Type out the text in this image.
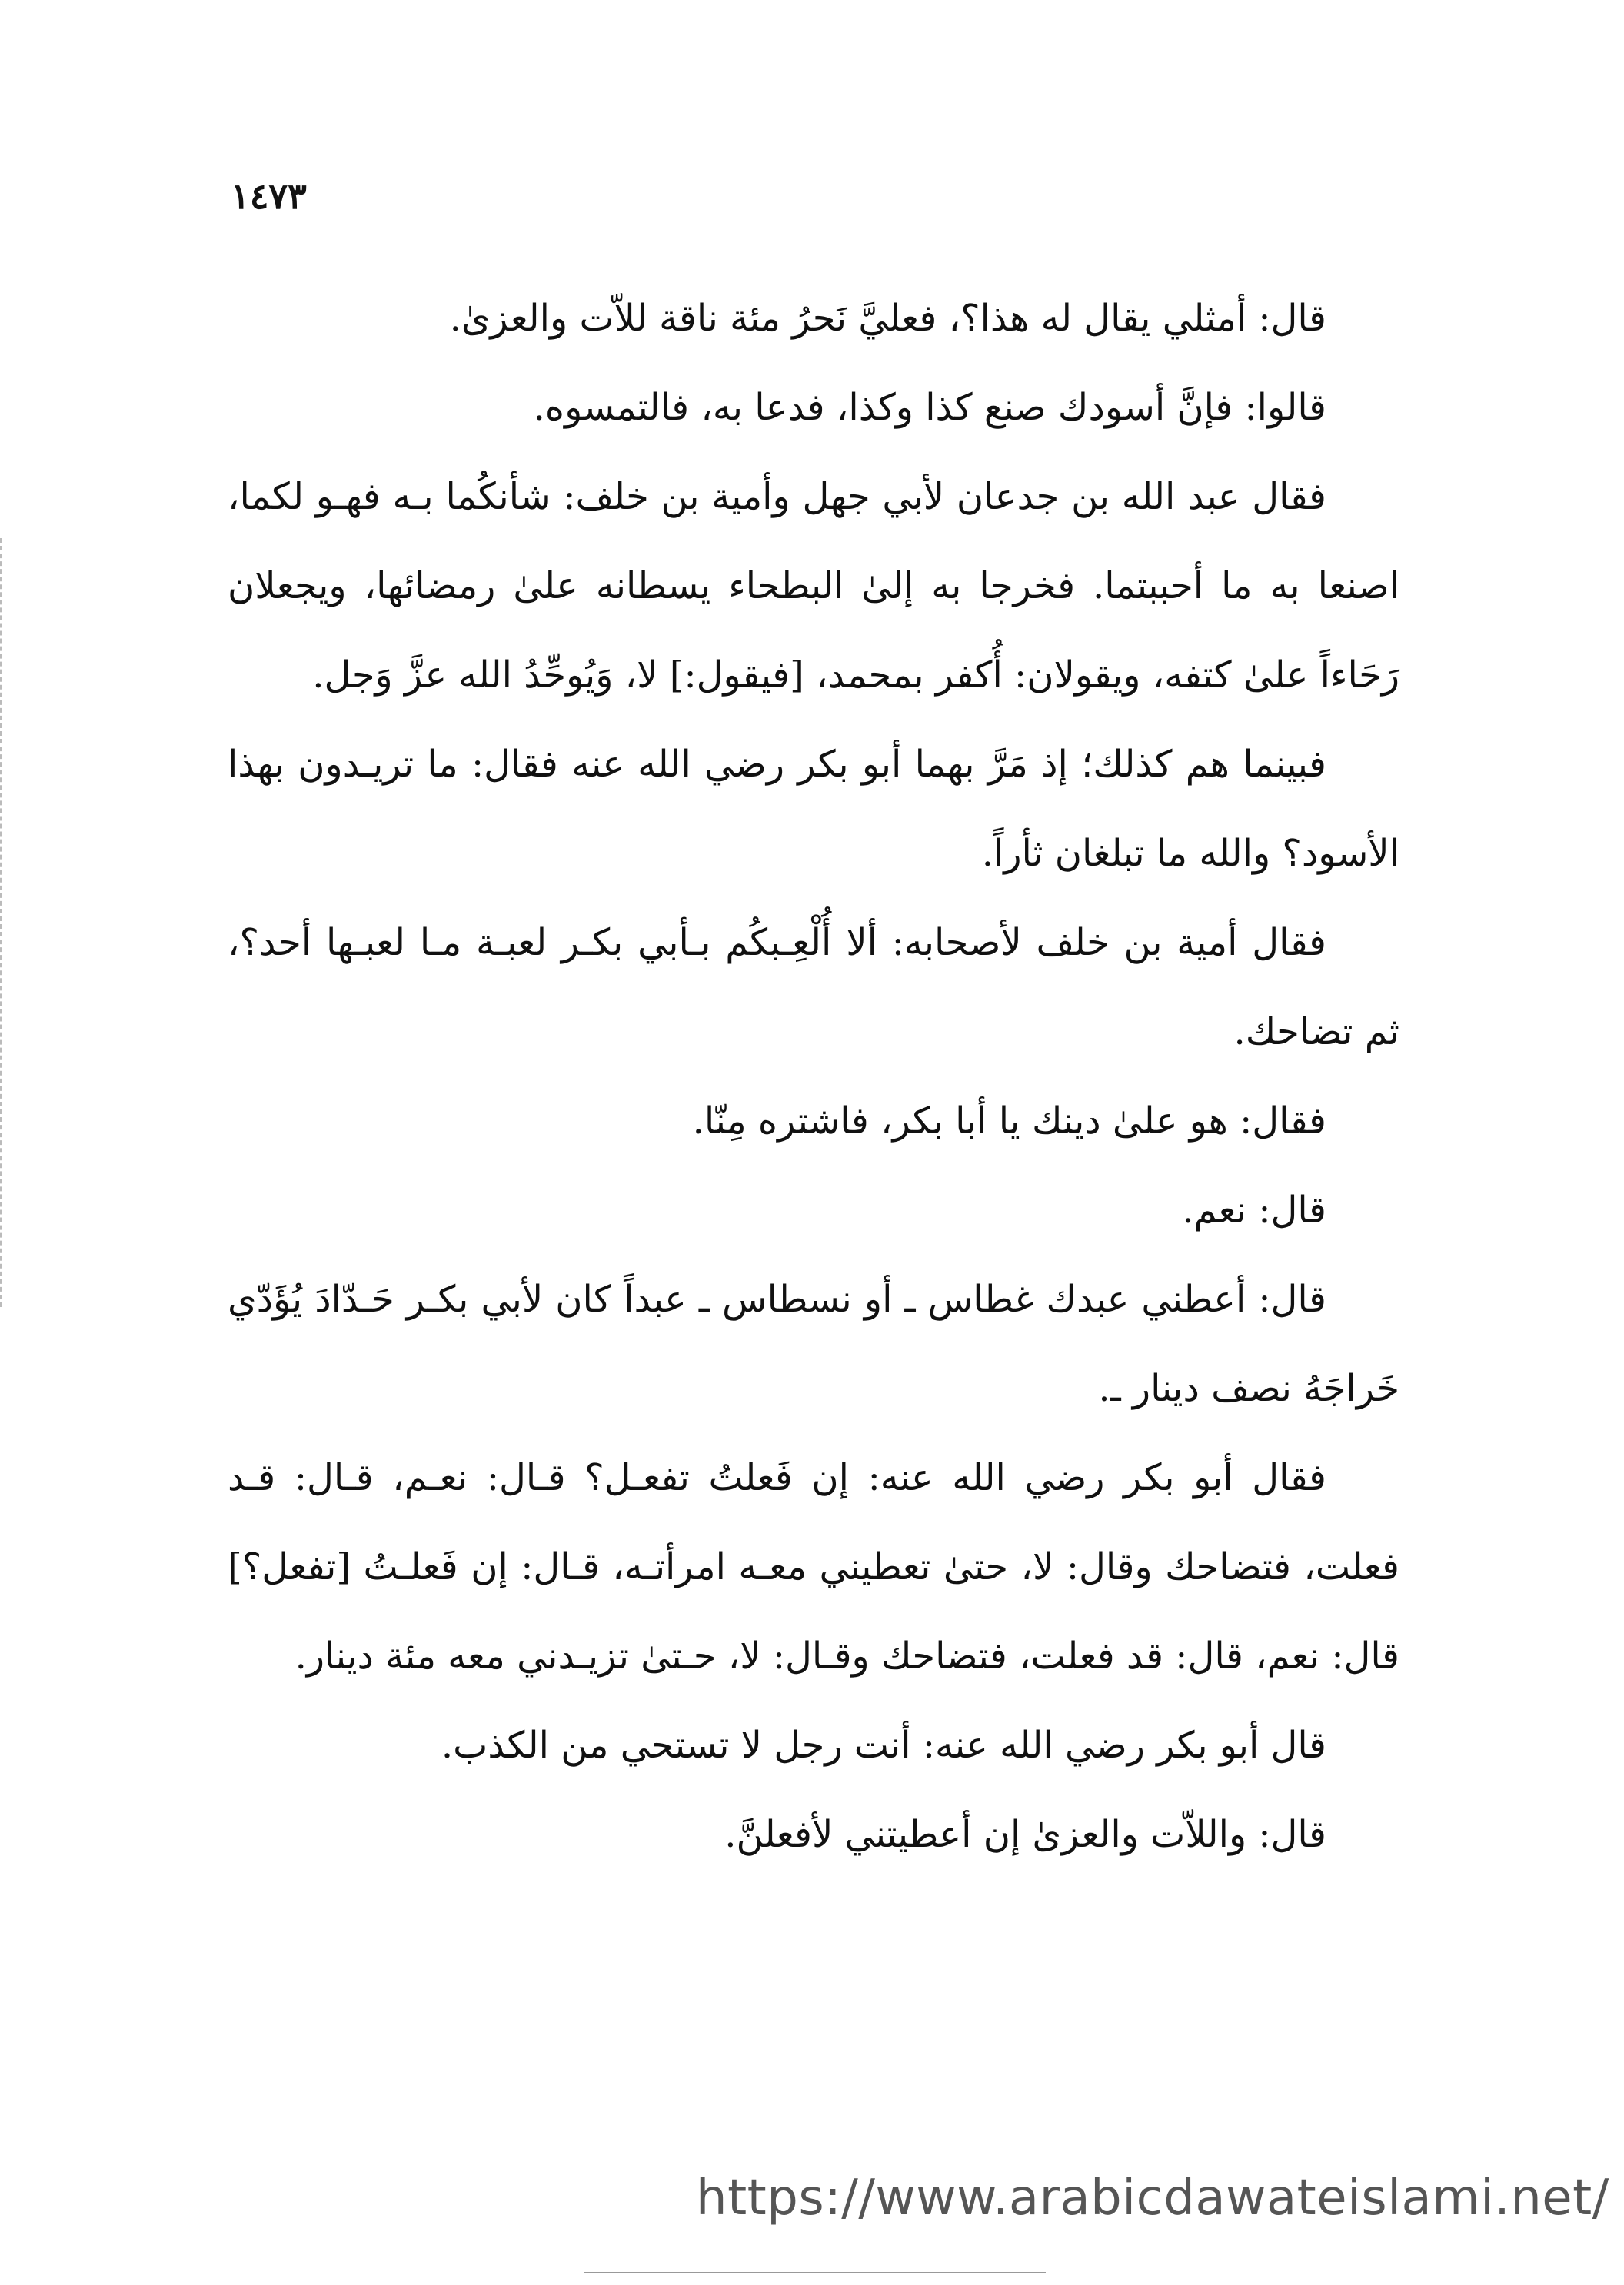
١٤٧٣

قال: أمثلي يقال له هذا؟، فعليَّ نَحرُ مئة ناقة للاّت والعزىٰ.

قالوا: فإنَّ أسودك صنع كذا وكذا، فدعا به، فالتمسوه.

فقال عبد الله بن جدعان لأبي جهل وأمية بن خلف: شأنكُما بـه فهـو لكما، اصنعا به ما أحببتما. فخرجا به إلىٰ البطحاء يسطانه علىٰ رمضائها، ويجعلان رَحَاءاً علىٰ كتفه، ويقولان: أُكفر بمحمد، [فيقول:] لا، وَيُوحِّدُ الله عزَّ وَجل.

فبينما هم كذلك؛ إذ مَرَّ بهما أبو بكر رضي الله عنه فقال: ما تريـدون بهذا الأسود؟ والله ما تبلغان ثأراً.

فقال أمية بن خلف لأصحابه: ألا أُلْعِـبكُم بـأبي بكـر لعبـة مـا لعبـها أحد؟، ثم تضاحك.

فقال: هو علىٰ دينك يا أبا بكر، فاشتره مِنّا.

قال: نعم.

قال: أعطني عبدك غطاس ـ أو نسطاس ـ عبداً كان لأبي بكـر حَـدّادَ يُؤَدّي خَراجَهُ نصف دينار ـ.

فقال أبو بكر رضي الله عنه: إن فَعلتُ تفعـل؟ قـال: نعـم، قـال: قـد فعلت، فتضاحك وقال: لا، حتىٰ تعطيني معـه امرأتـه، قـال: إن فَعلـتُ [تفعل؟] قال: نعم، قال: قد فعلت، فتضاحك وقـال: لا، حـتىٰ تزيـدني معه مئة دينار.

قال أبو بكر رضي الله عنه: أنت رجل لا تستحي من الكذب.

قال: واللاّت والعزىٰ إن أعطيتني لأفعلنَّ.

https://www.arabicdawateislami.net/
